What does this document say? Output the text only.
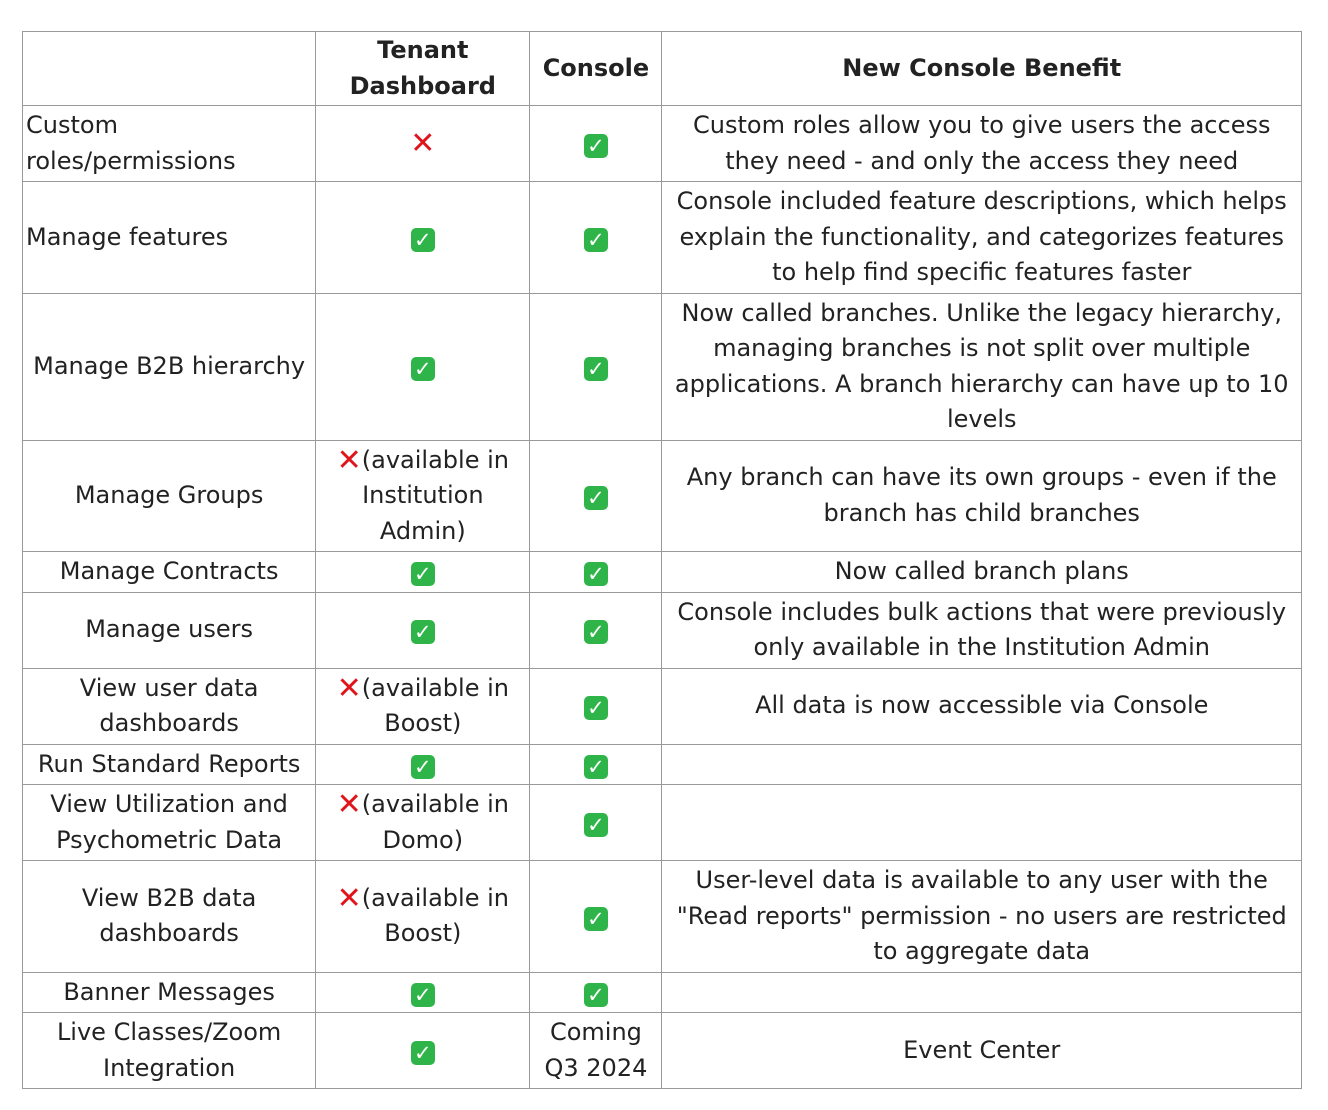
	Tenant Dashboard	Console	New Console Benefit
Custom roles/permissions	✕	✓	Custom roles allow you to give users the access they need - and only the access they need
Manage features	✓	✓	Console included feature descriptions, which helps explain the functionality, and categorizes features to help find specific features faster
Manage B2B hierarchy	✓	✓	Now called branches. Unlike the legacy hierarchy, managing branches is not split over multiple applications. A branch hierarchy can have up to 10 levels
Manage Groups	✕(available in Institution Admin)	✓	Any branch can have its own groups - even if the branch has child branches
Manage Contracts	✓	✓	Now called branch plans
Manage users	✓	✓	Console includes bulk actions that were previously only available in the Institution Admin
View user data dashboards	✕(available in Boost)	✓	All data is now accessible via Console
Run Standard Reports	✓	✓	
View Utilization and Psychometric Data	✕(available in Domo)	✓	
View B2B data dashboards	✕(available in Boost)	✓	User-level data is available to any user with the "Read reports" permission - no users are restricted to aggregate data
Banner Messages	✓	✓	
Live Classes/Zoom Integration	✓	Coming Q3 2024	Event Center
